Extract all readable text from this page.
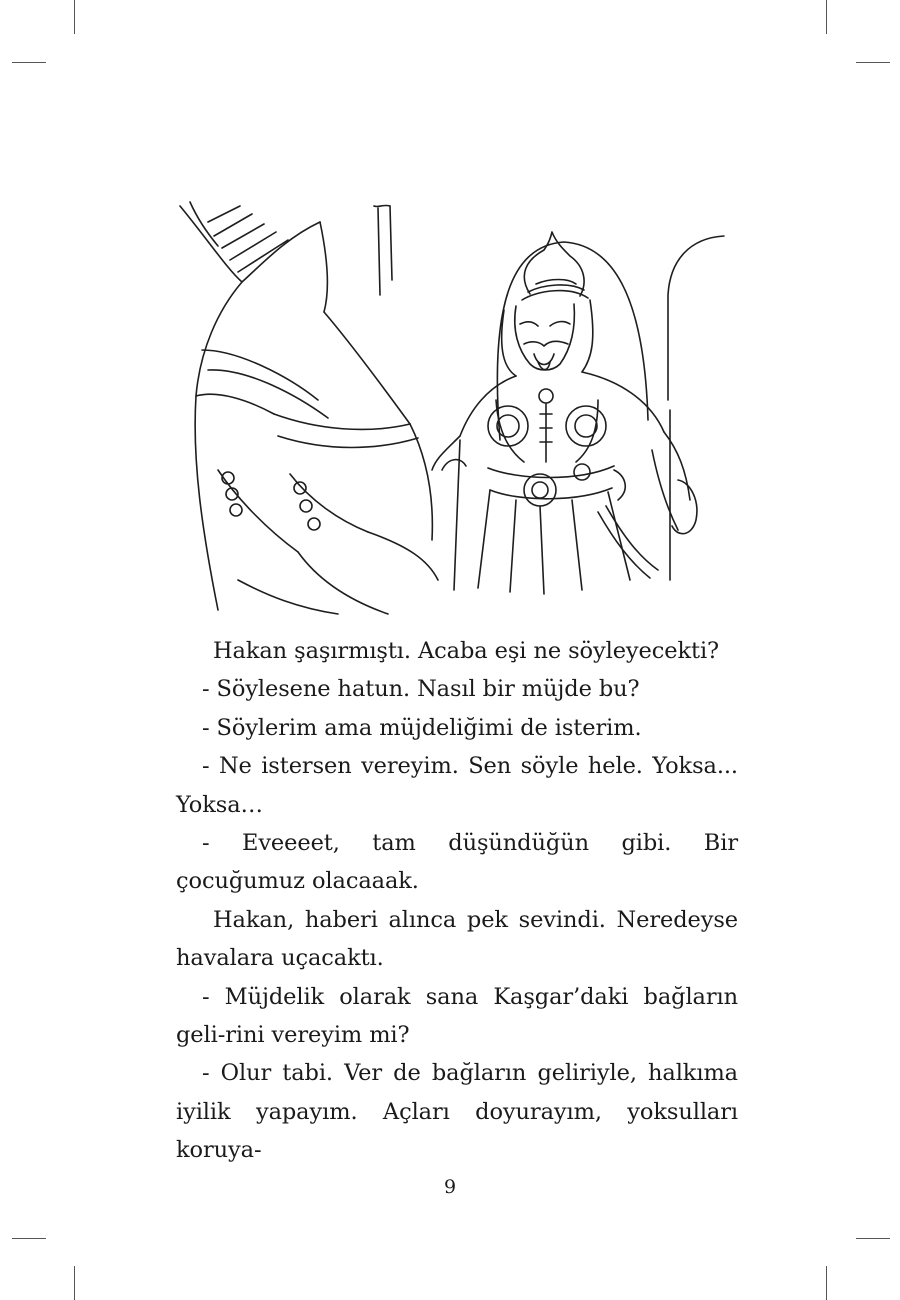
Hakan şaşırmıştı. Acaba eşi ne söyleyecekti?

- Söylesene hatun. Nasıl bir müjde bu?

- Söylerim ama müjdeliğimi de isterim.

- Ne istersen vereyim. Sen söyle hele. Yoksa... Yoksa…

- Eveeeet, tam düşündüğün gibi. Bir çocuğumuz olacaaak.

Hakan, haberi alınca pek sevindi. Neredeyse havalara uçacaktı.

- Müjdelik olarak sana Kaşgar’daki bağların geli-rini vereyim mi?

- Olur tabi. Ver de bağların geliriyle, halkıma iyilik yapayım. Açları doyurayım, yoksulları koruya-

9
